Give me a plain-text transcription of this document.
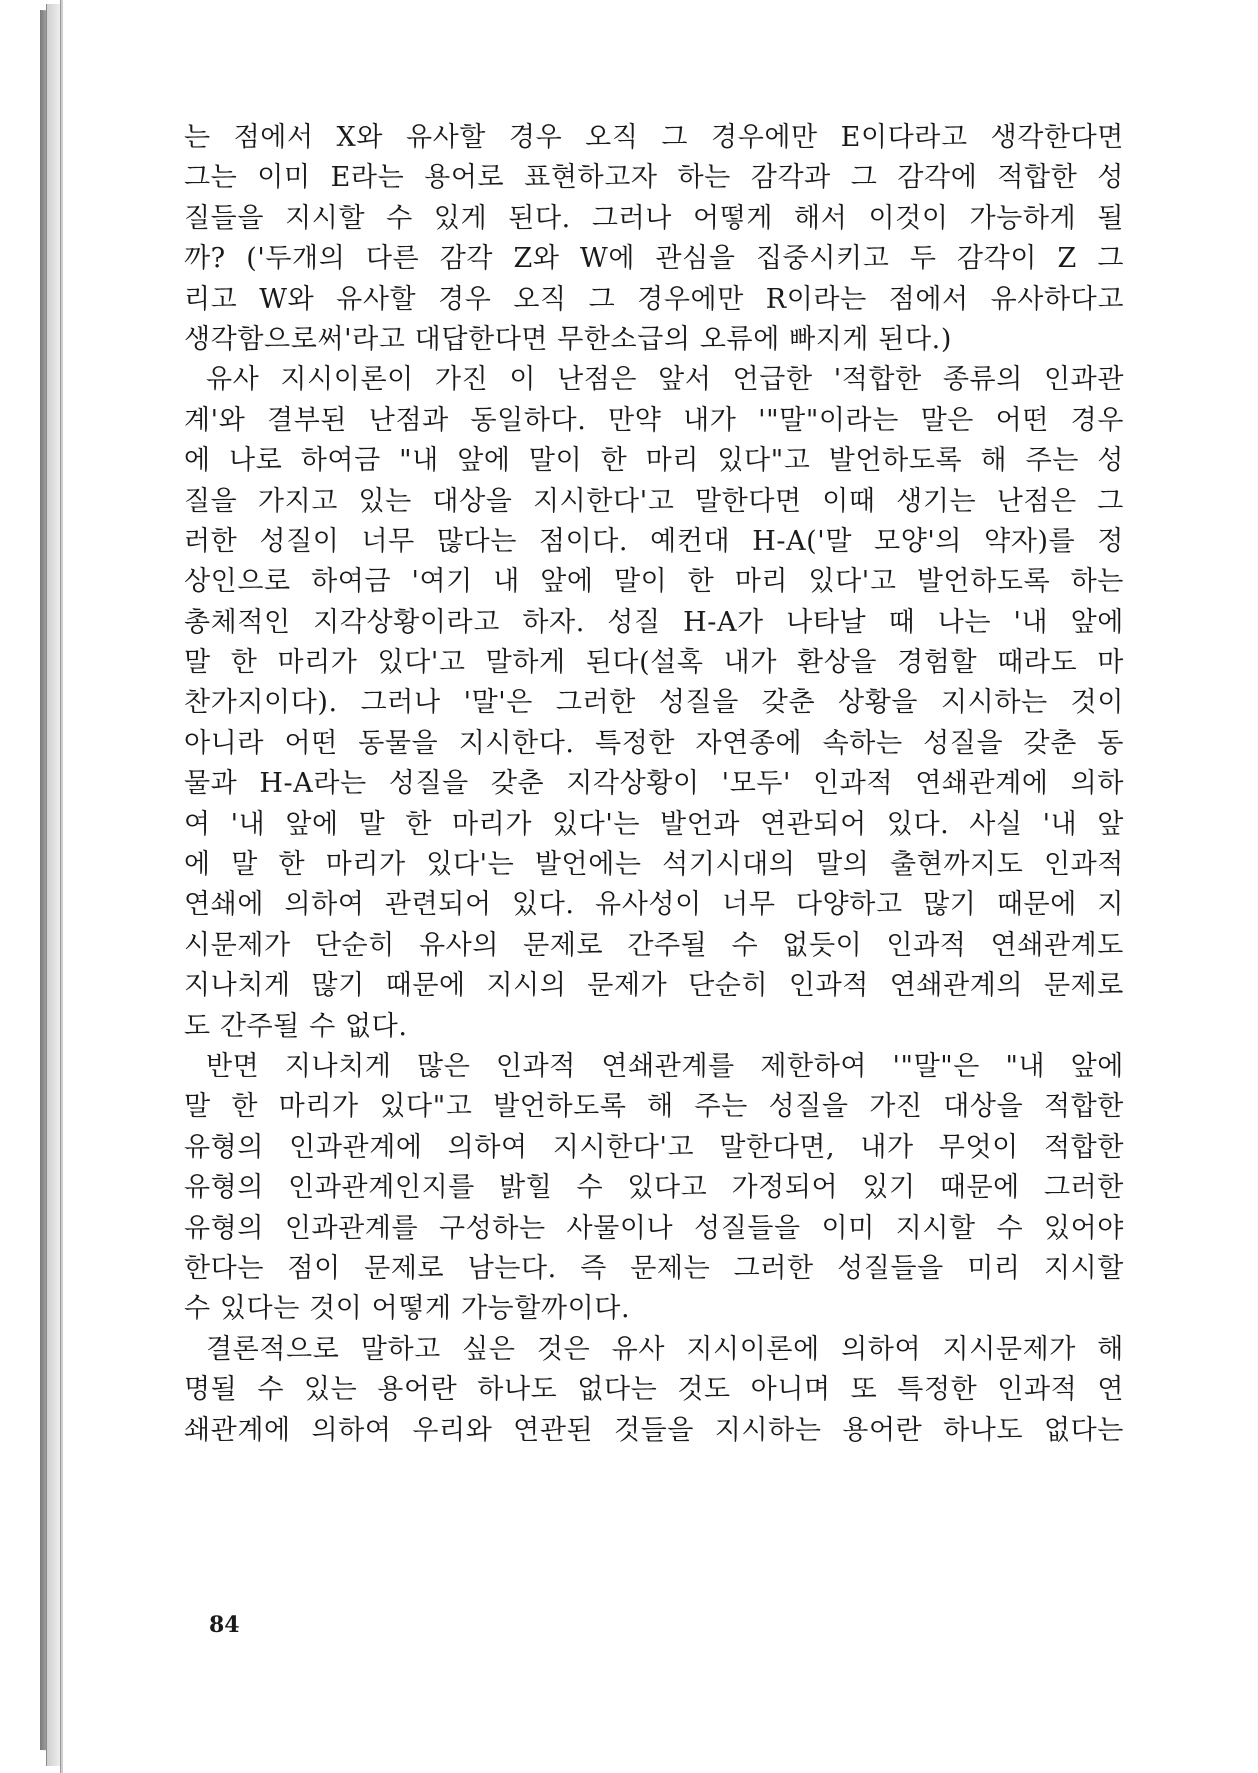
는 점에서 X와 유사할 경우 오직 그 경우에만 E이다라고 생각한다면
그는 이미 E라는 용어로 표현하고자 하는 감각과 그 감각에 적합한 성
질들을 지시할 수 있게 된다. 그러나 어떻게 해서 이것이 가능하게 될
까? ('두개의 다른 감각 Z와 W에 관심을 집중시키고 두 감각이 Z 그
리고 W와 유사할 경우 오직 그 경우에만 R이라는 점에서 유사하다고
생각함으로써'라고 대답한다면 무한소급의 오류에 빠지게 된다.)
유사 지시이론이 가진 이 난점은 앞서 언급한 '적합한 종류의 인과관
계'와 결부된 난점과 동일하다. 만약 내가 '"말"이라는 말은 어떤 경우
에 나로 하여금 "내 앞에 말이 한 마리 있다"고 발언하도록 해 주는 성
질을 가지고 있는 대상을 지시한다'고 말한다면 이때 생기는 난점은 그
러한 성질이 너무 많다는 점이다. 예컨대 H-A('말 모양'의 약자)를 정
상인으로 하여금 '여기 내 앞에 말이 한 마리 있다'고 발언하도록 하는
총체적인 지각상황이라고 하자. 성질 H-A가 나타날 때 나는 '내 앞에
말 한 마리가 있다'고 말하게 된다(설혹 내가 환상을 경험할 때라도 마
찬가지이다). 그러나 '말'은 그러한 성질을 갖춘 상황을 지시하는 것이
아니라 어떤 동물을 지시한다. 특정한 자연종에 속하는 성질을 갖춘 동
물과 H-A라는 성질을 갖춘 지각상황이 '모두' 인과적 연쇄관계에 의하
여 '내 앞에 말 한 마리가 있다'는 발언과 연관되어 있다. 사실 '내 앞
에 말 한 마리가 있다'는 발언에는 석기시대의 말의 출현까지도 인과적
연쇄에 의하여 관련되어 있다. 유사성이 너무 다양하고 많기 때문에 지
시문제가 단순히 유사의 문제로 간주될 수 없듯이 인과적 연쇄관계도
지나치게 많기 때문에 지시의 문제가 단순히 인과적 연쇄관계의 문제로
도 간주될 수 없다.
반면 지나치게 많은 인과적 연쇄관계를 제한하여 '"말"은 "내 앞에
말 한 마리가 있다"고 발언하도록 해 주는 성질을 가진 대상을 적합한
유형의 인과관계에 의하여 지시한다'고 말한다면, 내가 무엇이 적합한
유형의 인과관계인지를 밝힐 수 있다고 가정되어 있기 때문에 그러한
유형의 인과관계를 구성하는 사물이나 성질들을 이미 지시할 수 있어야
한다는 점이 문제로 남는다. 즉 문제는 그러한 성질들을 미리 지시할
수 있다는 것이 어떻게 가능할까이다.
결론적으로 말하고 싶은 것은 유사 지시이론에 의하여 지시문제가 해
명될 수 있는 용어란 하나도 없다는 것도 아니며 또 특정한 인과적 연
쇄관계에 의하여 우리와 연관된 것들을 지시하는 용어란 하나도 없다는
84
